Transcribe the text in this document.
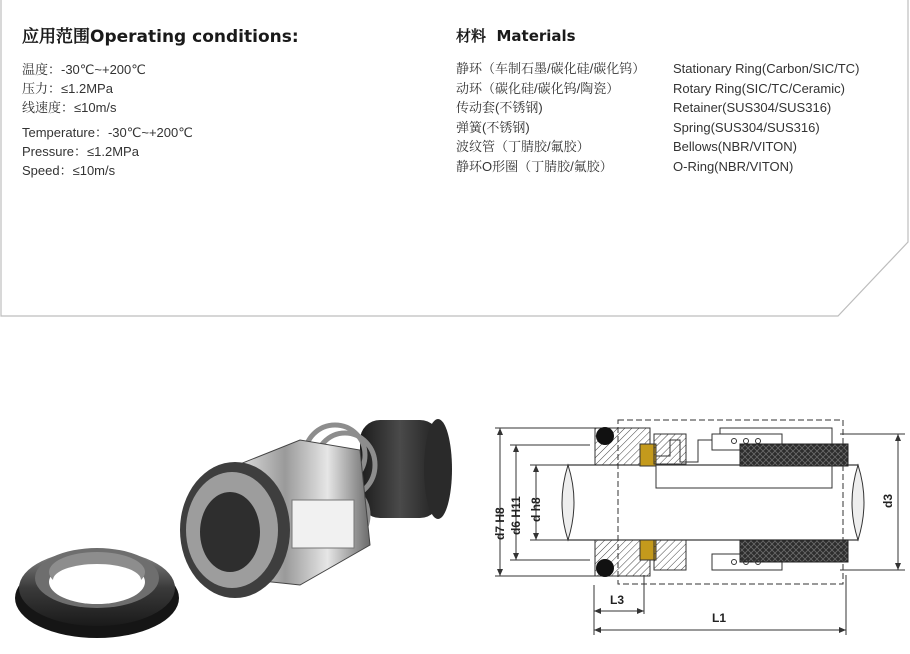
应用范围Operating conditions:
温度：-30℃~+200℃
压力：≤1.2MPa
线速度：≤10m/s
Temperature：-30℃~+200℃
Pressure：≤1.2MPa
Speed：≤10m/s
材料 Materials
静环（车制石墨/碳化硅/碳化钨）
动环（碳化硅/碳化钨/陶瓷）
传动套(不锈钢)
弹簧(不锈钢)
波纹管（丁腈胶/氟胶）
静环O形圈（丁腈胶/氟胶）
Stationary Ring(Carbon/SIC/TC)
Rotary Ring(SIC/TC/Ceramic)
Retainer(SUS304/SUS316)
Spring(SUS304/SUS316)
Bellows(NBR/VITON)
O-Ring(NBR/VITON)
d7 H8 d6 H11 d h8	d3
L3
L1
